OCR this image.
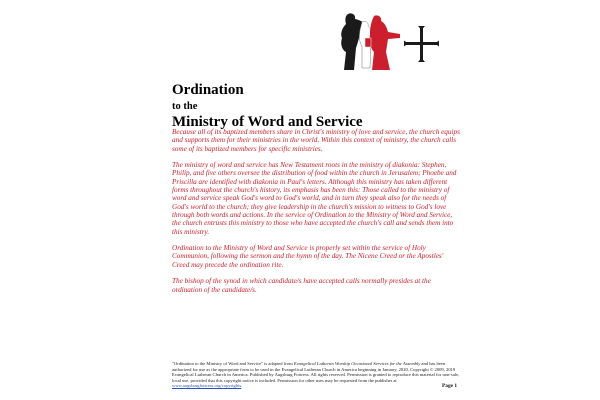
Ordination

to the

Ministry of Word and Service

Because all of its baptized members share in Christ's ministry of love and service, the church equips and supports them for their ministries in the world. Within this context of ministry, the church calls some of its baptized members for specific ministries.

The ministry of word and service has New Testament roots in the ministry of diakonia: Stephen, Philip, and five others oversee the distribution of food within the church in Jerusalem; Phoebe and Priscilla are identified with diakonia in Paul's letters. Although this ministry has taken different forms throughout the church's history, its emphasis has been this: Those called to the ministry of word and service speak God's word to God's world, and in turn they speak also for the needs of God's world to the church; they give leadership in the church's mission to witness to God's love through both words and actions. In the service of Ordination to the Ministry of Word and Service, the church entrusts this ministry to those who have accepted the church's call and sends them into this ministry.

Ordination to the Ministry of Word and Service is properly set within the service of Holy Communion, following the sermon and the hymn of the day. The Nicene Creed or the Apostles' Creed may precede the ordination rite.

The bishop of the synod in which candidate/s have accepted calls normally presides at the ordination of the candidate/s.

"Ordination to the Ministry of Word and Service" is adapted from Evangelical Lutheran Worship Occasional Services for the Assembly and has been authorized for use as the appropriate form to be used in the Evangelical Lutheran Church in America beginning in January, 2020. Copyright © 2009, 2019 Evangelical Lutheran Church in America. Published by Augsburg Fortress. All rights reserved. Permission is granted to reproduce this material for non-sale, local use, provided that this copyright notice is included. Permission for other uses may be requested from the publisher at www.augsburgfortress.org/copyrights.	Page 1
